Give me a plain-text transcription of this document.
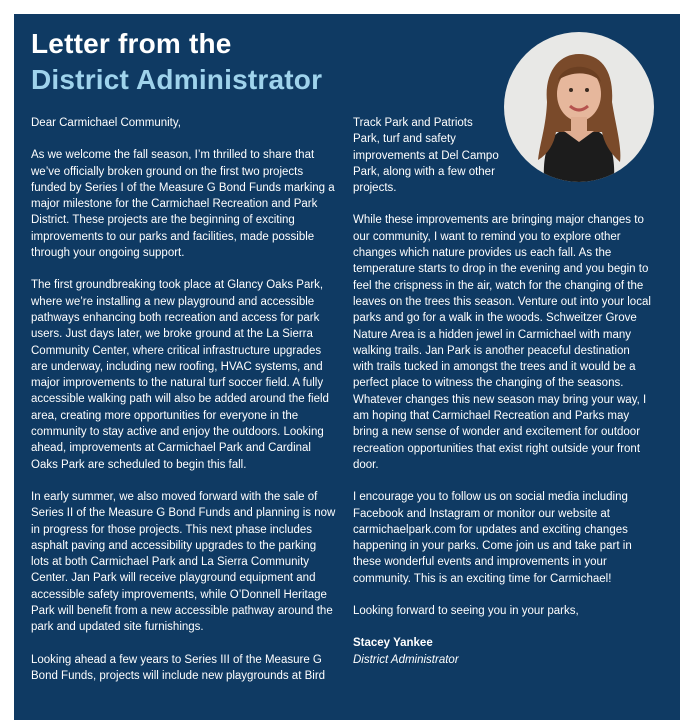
Letter from the
District Administrator

Dear Carmichael Community,

As we welcome the fall season, I’m thrilled to share that we’ve officially broken ground on the first two projects funded by Series I of the Measure G Bond Funds marking a major milestone for the Carmichael Recreation and Park District. These projects are the beginning of exciting improvements to our parks and facilities, made possible through your ongoing support.

The first groundbreaking took place at Glancy Oaks Park, where we’re installing a new playground and accessible pathways enhancing both recreation and access for park users. Just days later, we broke ground at the La Sierra Community Center, where critical infrastructure upgrades are underway, including new roofing, HVAC systems, and major improvements to the natural turf soccer field. A fully accessible walking path will also be added around the field area, creating more opportunities for everyone in the community to stay active and enjoy the outdoors. Looking ahead, improvements at Carmichael Park and Cardinal Oaks Park are scheduled to begin this fall.

In early summer, we also moved forward with the sale of Series II of the Measure G Bond Funds and planning is now in progress for those projects. This next phase includes asphalt paving and accessibility upgrades to the parking lots at both Carmichael Park and La Sierra Community Center. Jan Park will receive playground equipment and accessible safety improvements, while O’Donnell Heritage Park will benefit from a new accessible pathway around the park and updated site furnishings.

Looking ahead a few years to Series III of the Measure G Bond Funds, projects will include new playgrounds at Bird

Track Park and Patriots Park, turf and safety improvements at Del Campo Park, along with a few other projects.

While these improvements are bringing major changes to our community, I want to remind you to explore other changes which nature provides us each fall. As the temperature starts to drop in the evening and you begin to feel the crispness in the air, watch for the changing of the leaves on the trees this season. Venture out into your local parks and go for a walk in the woods. Schweitzer Grove Nature Area is a hidden jewel in Carmichael with many walking trails. Jan Park is another peaceful destination with trails tucked in amongst the trees and it would be a perfect place to witness the changing of the seasons. Whatever changes this new season may bring your way, I am hoping that Carmichael Recreation and Parks may bring a new sense of wonder and excitement for outdoor recreation opportunities that exist right outside your front door.

I encourage you to follow us on social media including Facebook and Instagram or monitor our website at carmichaelpark.com for updates and exciting changes happening in your parks. Come join us and take part in these wonderful events and improvements in your community. This is an exciting time for Carmichael!

Looking forward to seeing you in your parks,

Stacey Yankee
District Administrator
